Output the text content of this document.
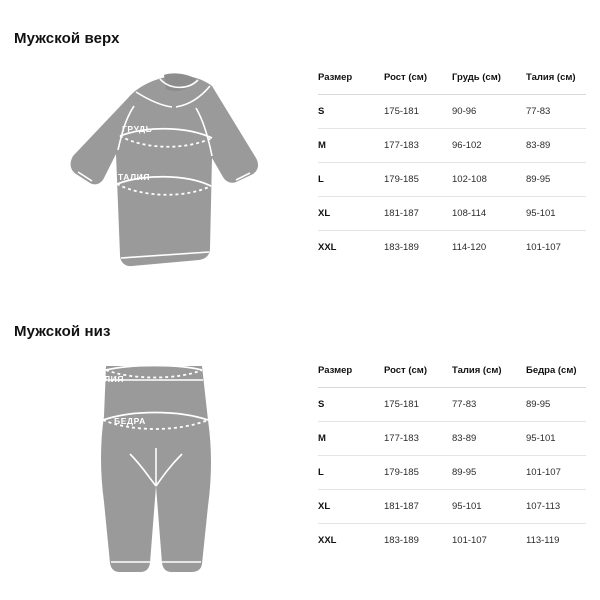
Мужской верх
ГРУДЬ
ТАЛИЯ
Размер	Рост (см)	Грудь (см)	Талия (см)
S	175-181	90-96	77-83
M	177-183	96-102	83-89
L	179-185	102-108	89-95
XL	181-187	108-114	95-101
XXL	183-189	114-120	101-107
Мужской низ
ТАЛИЯ
БЕДРА
Размер	Рост (см)	Талия (см)	Бедра (см)
S	175-181	77-83	89-95
M	177-183	83-89	95-101
L	179-185	89-95	101-107
XL	181-187	95-101	107-113
XXL	183-189	101-107	113-119
